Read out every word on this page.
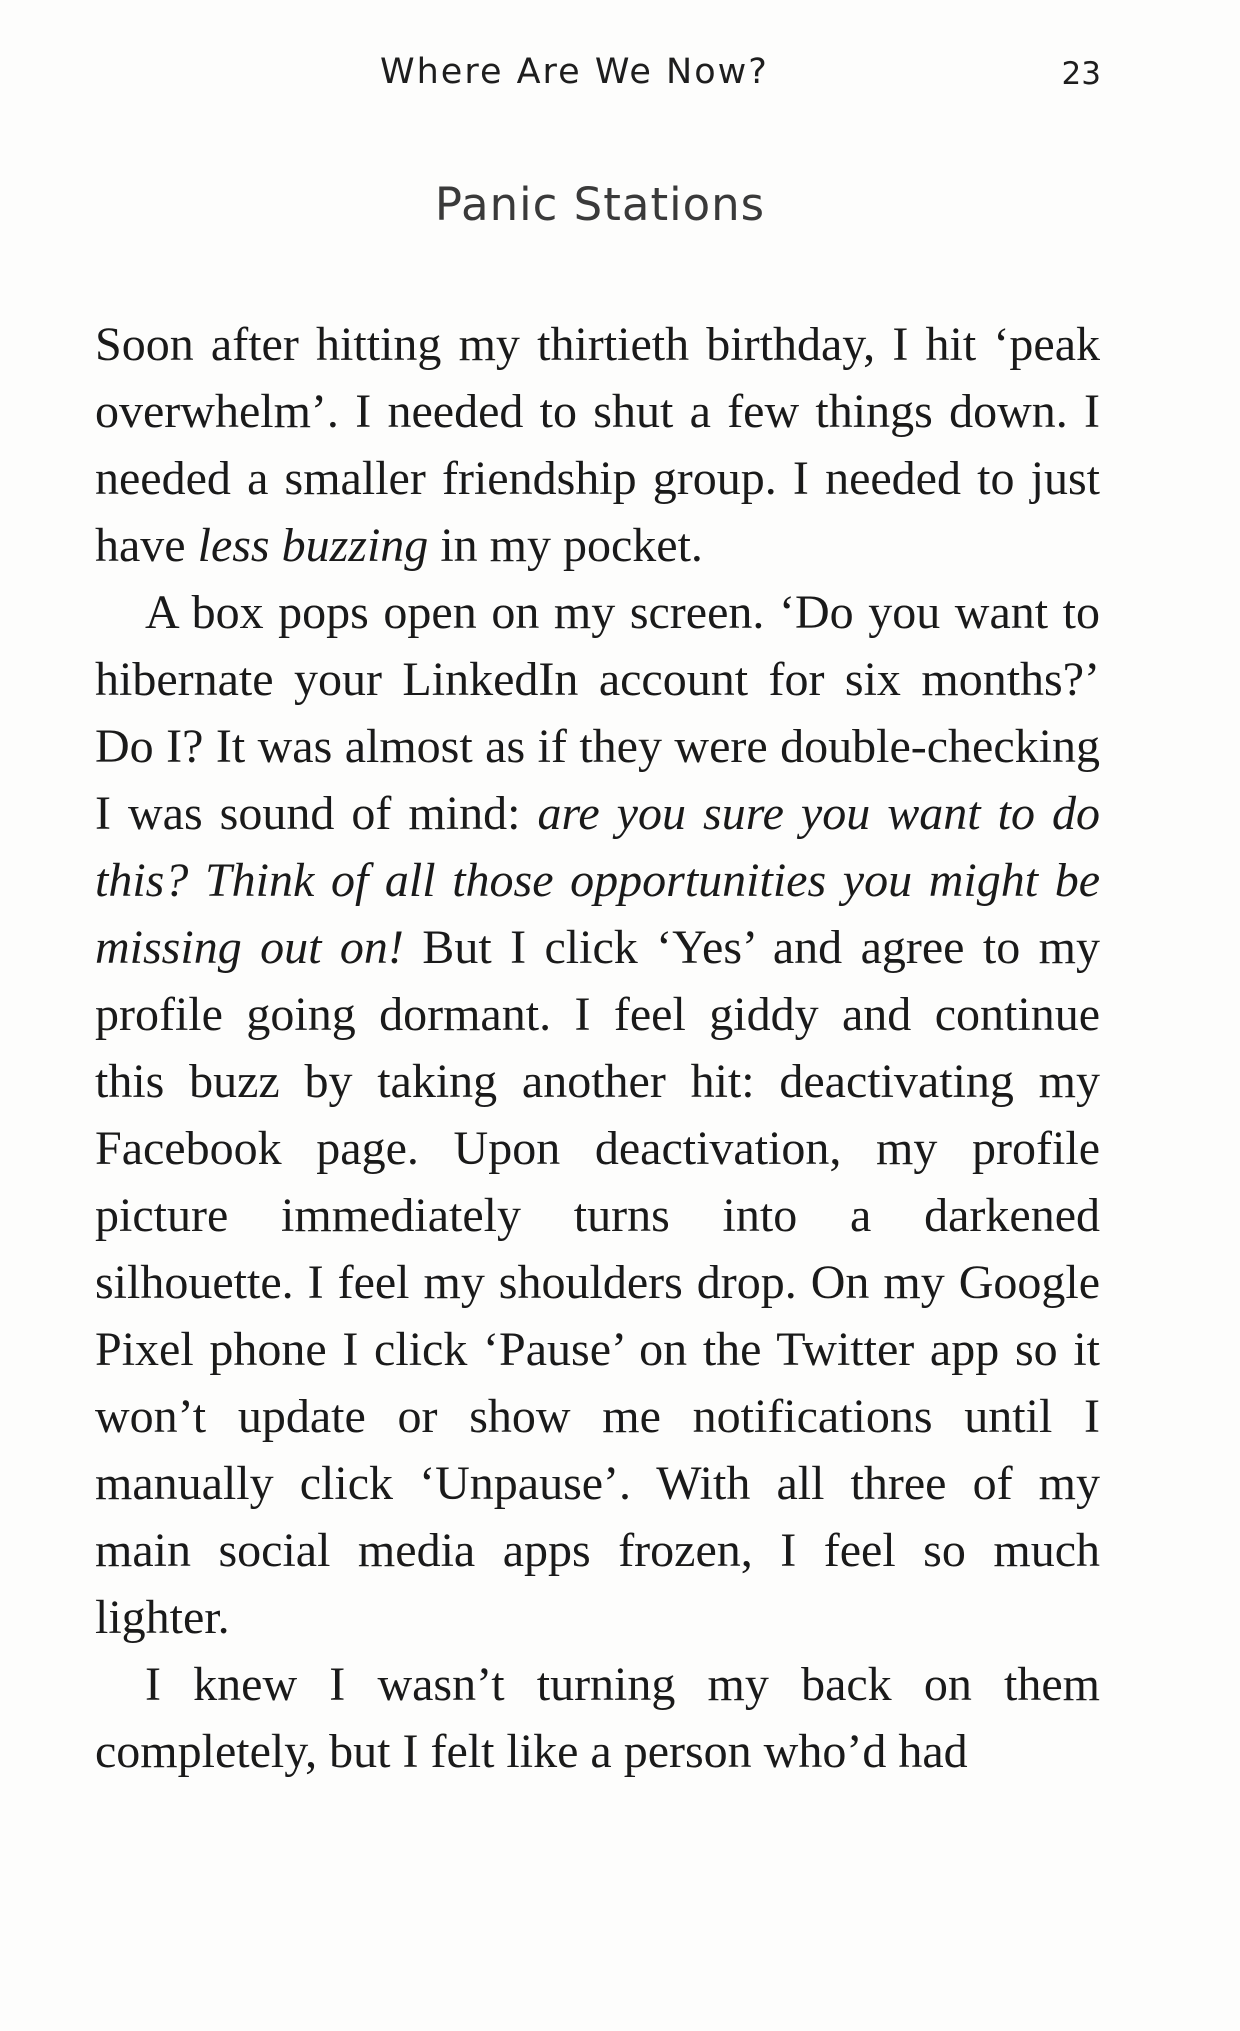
Where Are We Now?	23
Panic Stations

Soon after hitting my thirtieth birthday, I hit ‘peak overwhelm’. I needed to shut a few things down. I needed a smaller friendship group. I needed to just have less buzzing in my pocket.

A box pops open on my screen. ‘Do you want to hibernate your LinkedIn account for six months?’ Do I? It was almost as if they were double-checking I was sound of mind: are you sure you want to do this? Think of all those opportunities you might be missing out on! But I click ‘Yes’ and agree to my profile going dormant. I feel giddy and continue this buzz by taking another hit: deactivating my Facebook page. Upon deactivation, my profile picture immediately turns into a darkened silhouette. I feel my shoulders drop. On my Google Pixel phone I click ‘Pause’ on the Twitter app so it won’t update or show me notifications until I manually click ‘Unpause’. With all three of my main social media apps frozen, I feel so much lighter.

I knew I wasn’t turning my back on them completely, but I felt like a person who’d had
